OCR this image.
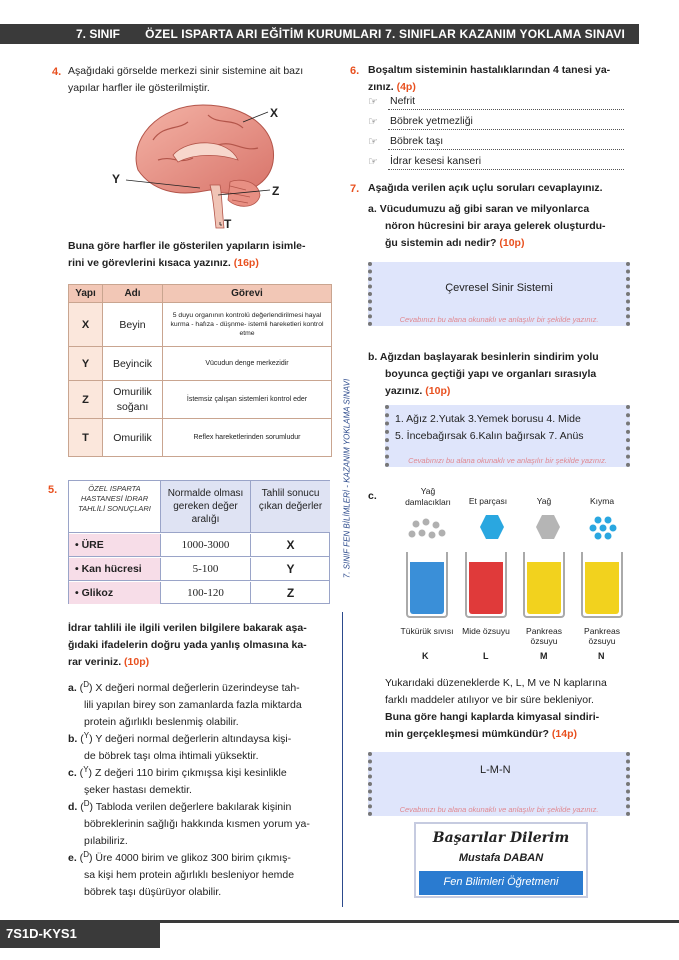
7. SINIF ÖZEL ISPARTA ARI EĞİTİM KURUMLARI 7. SINIFLAR KAZANIM YOKLAMA SINAVI
4. Aşağıdaki görselde merkezi sinir sistemine ait bazı
yapılar harfler ile gösterilmiştir.
X
Y
Z
T
Buna göre harfler ile gösterilen yapıların isimle-
rini ve görevlerini kısaca yazınız. (16p)
Yapı	Adı	Görevi
X	Beyin	5 duyu organının kontrolü değerlendirilmesi hayal kurma - hafıza - düşnme- istemli hareketleri kontrol etme
Y	Beyincik	Vücudun denge merkezidir
Z	Omurilik soğanı	İstemsiz çalışan sistemleri kontrol eder
T	Omurilik	Reflex hareketlerinden sorumludur	7. SINIF FEN BİLİMLERİ - KAZANIM YOKLAMA SINAVI
5.	ÖZEL ISPARTA HASTANESİ İDRAR TAHLİLİ SONUÇLARI
Normalde olması gereken değer aralığı
Tahlil sonucu çıkan değerler
• ÜRE	1000-3000	X
• Kan hücresi	5-100	Y
• Glikoz	100-120	Z
İdrar tahlili ile ilgili verilen bilgilere bakarak aşa-
ğıdaki ifadelerin doğru yada yanlış olmasına ka-
rar veriniz. (10p)
a. ($^D$) X değeri normal değerlerin üzerindeyse tah-
lili yapılan birey son zamanlarda fazla miktarda
protein ağırlıklı beslenmiş olabilir.
b. ($^Y$) Y değeri normal değerlerin altındaysa kişi-
de böbrek taşı olma ihtimali yüksektir.
c. ($^Y$) Z değeri 110 birim çıkmışsa kişi kesinlikle
şeker hastası demektir.
d. ($^D$) Tabloda verilen değerlere bakılarak kişinin
böbreklerinin sağlığı hakkında kısmen yorum ya-
pılabiliriz.
e. ($^D$) Üre 4000 birim ve glikoz 300 birim çıkmış-
sa kişi hem protein ağırlıklı besleniyor hemde
böbrek taşı düşürüyor olabilir.
6. Boşaltım sisteminin hastalıklarından 4 tanesi ya-
zınız. (4p)
☞ Nefrit
☞ Böbrek yetmezliği
☞ Böbrek taşı
☞ İdrar kesesi kanseri
7. Aşağıda verilen açık uçlu soruları cevaplayınız.
a. Vücudumuzu ağ gibi saran ve milyonlarca
nöron hücresini bir araya gelerek oluşturdu-
ğu sistemin adı nedir? (10p)
Çevresel Sinir Sistemi
Cevabınızı bu alana okunaklı ve anlaşılır bir şekilde yazınız.
b. Ağızdan başlayarak besinlerin sindirim yolu
boyunca geçtiği yapı ve organları sırasıyla
yazınız. (10p)
1. Ağız 2.Yutak 3.Yemek borusu 4. Mide
5. İncebağırsak 6.Kalın bağırsak 7. Anüs
Cevabınızı bu alana okunaklı ve anlaşılır bir şekilde yazınız.
c.	Yağ damlacıkları	Et parçası	Yağ	Kıyma
Tükürük sıvısı	Mide özsuyu	Pankreas özsuyu
Pankreas özsuyu
K	L	M	N
Yukarıdaki düzeneklerde K, L, M ve N kaplarına
farklı maddeler atılıyor ve bir süre bekleniyor.
Buna göre hangi kaplarda kimyasal sindiri-
min gerçekleşmesi mümkündür? (14p)
L-M-N
Cevabınızı bu alana okunaklı ve anlaşılır bir şekilde yazınız.
Başarılar Dilerim
Mustafa DABAN
Fen Bilimleri Öğretmeni
7S1D-KYS1
